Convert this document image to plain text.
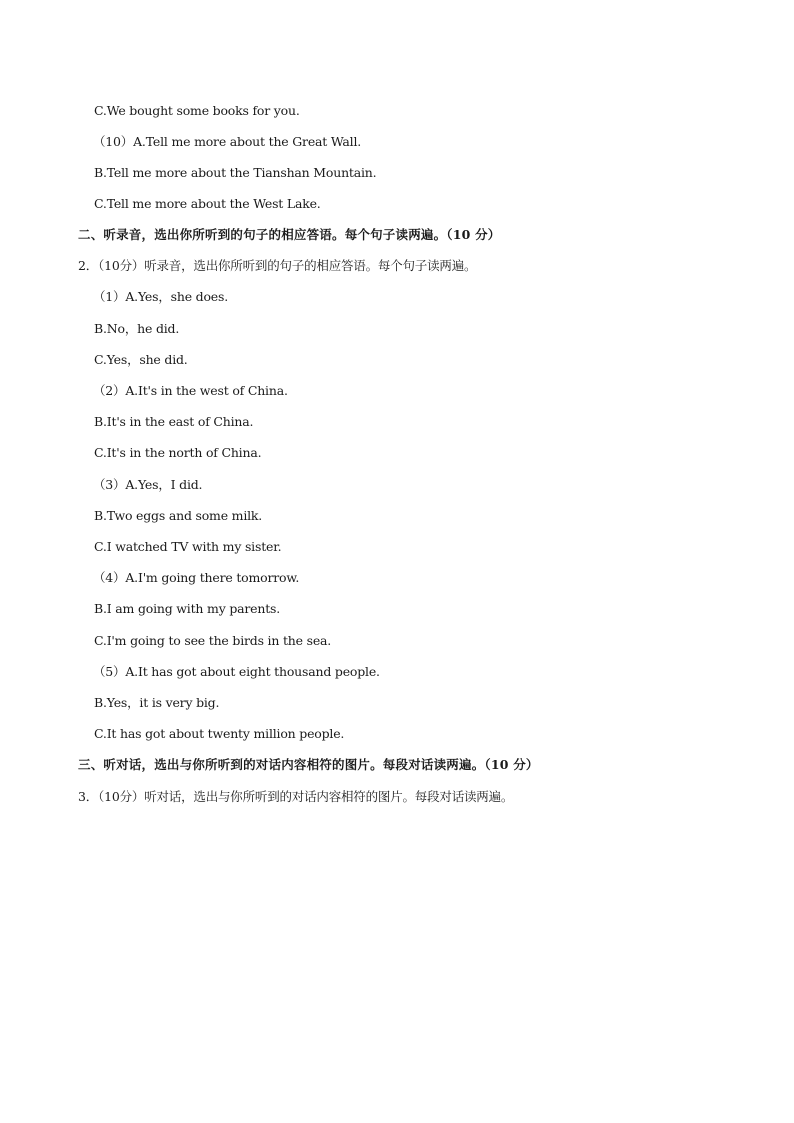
C.We bought some books for you.
（10）A.Tell me more about the Great Wall.
B.Tell me more about the Tianshan Mountain.
C.Tell me more about the West Lake.
二、听录音，选出你所听到的句子的相应答语。每个句子读两遍。（10 分）
2．（10分）听录音，选出你所听到的句子的相应答语。每个句子读两遍。
（1）A.Yes，she does.
B.No，he did.
C.Yes，she did.
（2）A.It's in the west of China.
B.It's in the east of China.
C.It's in the north of China.
（3）A.Yes，I did.
B.Two eggs and some milk.
C.I watched TV with my sister.
（4）A.I'm going there tomorrow.
B.I am going with my parents.
C.I'm going to see the birds in the sea.
（5）A.It has got about eight thousand people.
B.Yes，it is very big.
C.It has got about twenty million people.
三、听对话，选出与你所听到的对话内容相符的图片。每段对话读两遍。（10 分）
3．（10分）听对话，选出与你所听到的对话内容相符的图片。每段对话读两遍。
